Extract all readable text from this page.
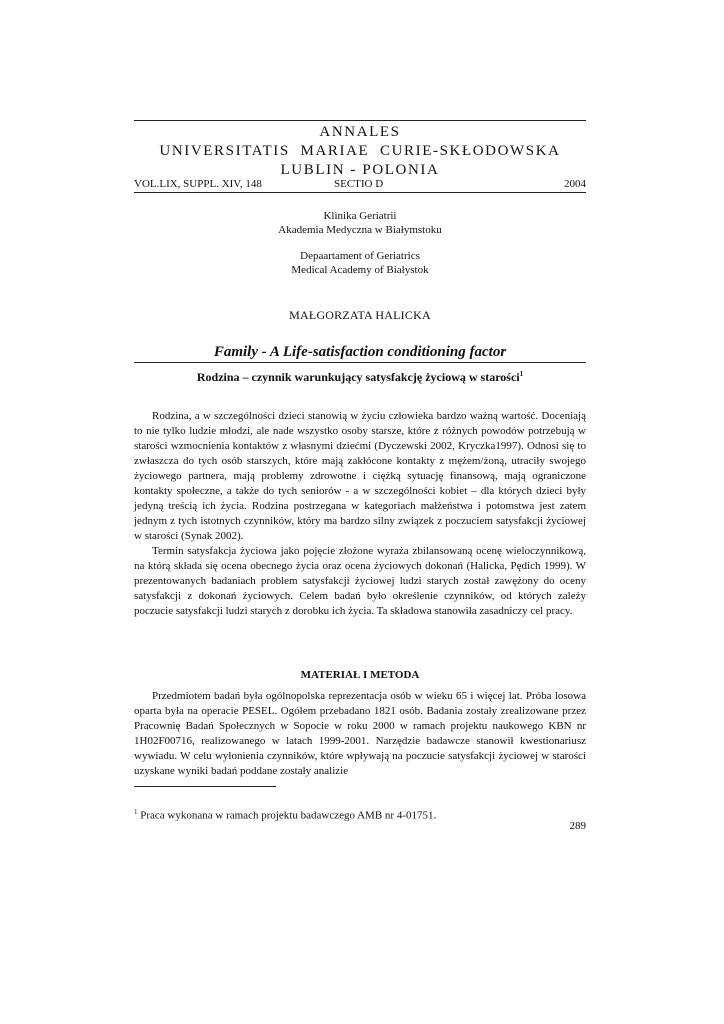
ANNALES
UNIVERSITATIS  MARIAE  CURIE-SKŁODOWSKA
LUBLIN - POLONIA
VOL.LIX, SUPPL. XIV, 148	SECTIO D	2004
Klinika Geriatrii
Akademia Medyczna w Białymstoku
Depaartament of Geriatrics
Medical Academy of Białystok
MAŁGORZATA HALICKA
Family - A Life-satisfaction conditioning factor
Rodzina – czynnik warunkujący satysfakcję życiową w starości$^1$

Rodzina, a w szczególności dzieci stanowią w życiu człowieka bardzo ważną wartość. Doceniają to nie tylko ludzie młodzi, ale nade wszystko osoby starsze, które z różnych powodów potrzebują w starości wzmocnienia kontaktów z własnymi dziećmi (Dyczewski 2002, Kryczka1997). Odnosi się to zwłaszcza do tych osób starszych, które mają zakłócone kontakty z mężem/żoną, utraciły swojego życiowego partnera, mają problemy zdrowotne i ciężką sytuację finansową, mają ograniczone kontakty społeczne, a także do tych seniorów - a w szczególności kobiet – dla których dzieci były jedyną treścią ich życia. Rodzina postrzegana w kategoriach małżeństwa i potomstwa jest zatem jednym z tych istotnych czynników, który ma bardzo silny związek z poczuciem satysfakcji życiowej w starości (Synak 2002).

Termin satysfakcja życiowa jako pojęcie złożone wyraża zbilansowaną ocenę wieloczynnikową, na którą składa się ocena obecnego życia oraz ocena życiowych dokonań (Halicka, Pędich 1999). W prezentowanych badaniach problem satysfakcji życiowej ludzi starych został zawężony do oceny satysfakcji z dokonań życiowych. Celem badań było określenie czynników, od których zależy poczucie satysfakcji ludzi starych z dorobku ich życia. Ta składowa stanowiła zasadniczy cel pracy.

MATERIAŁ I METODA

Przedmiotem badań była ogólnopolska reprezentacja osób w wieku 65 i więcej lat. Próba losowa oparta była na operacie PESEL. Ogółem przebadano 1821 osób. Badania zostały zrealizowane przez Pracownię Badań Społecznych w Sopocie w roku 2000 w ramach projektu naukowego KBN nr 1H02F00716, realizowanego w latach 1999-2001. Narzędzie badawcze stanowił kwestionariusz wywiadu. W celu wyłonienia czynników, które wpływają na poczucie satysfakcji życiowej w starości uzyskane wyniki badań poddane zostały analizie

$^1$ Praca wykonana w ramach projektu badawczego AMB nr 4-01751.
289
